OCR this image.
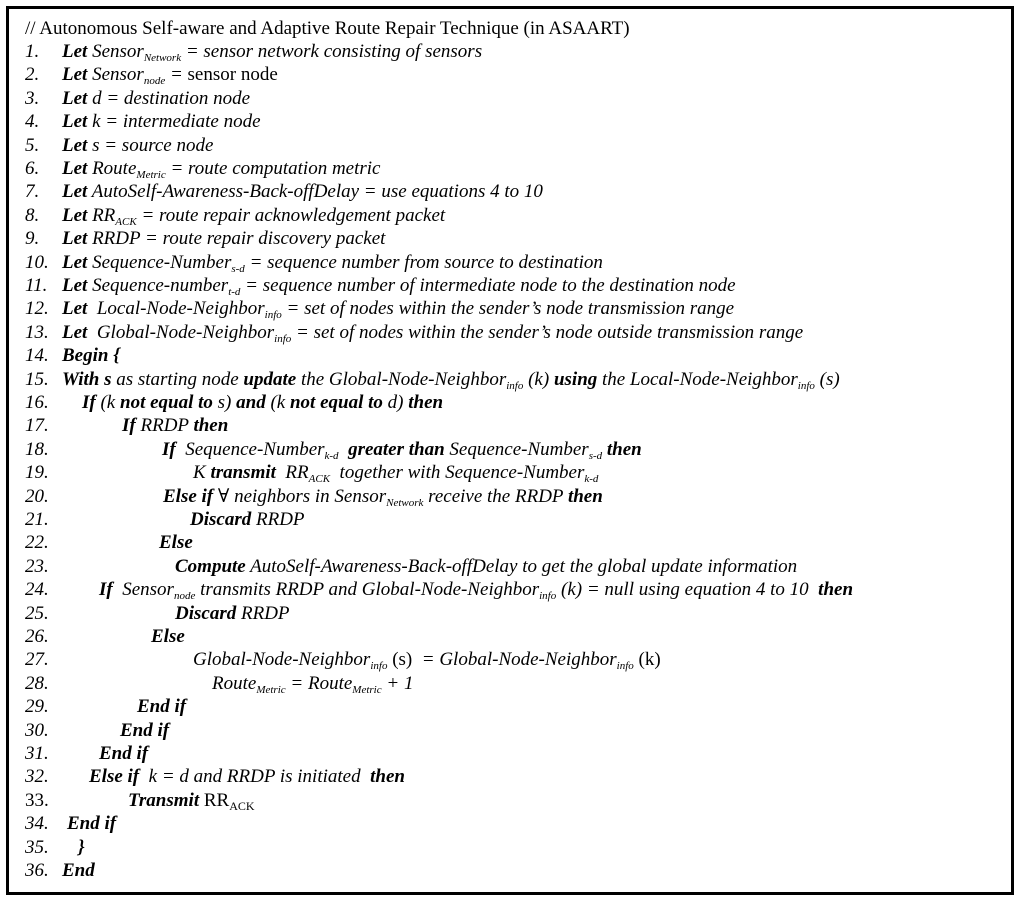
// Autonomous Self-aware and Adaptive Route Repair Technique (in ASAART)
1. Let Sensor$_{Network}$ = sensor network consisting of sensors
2. Let Sensor$_{node}$ = sensor node
3. Let d = destination node
4. Let k = intermediate node
5. Let s = source node
6. Let Route$_{Metric}$ = route computation metric
7. Let AutoSelf-Awareness-Back-offDelay = use equations 4 to 10
8. Let $RR_{ACK}$ = route repair acknowledgement packet
9. Let RRDP = route repair discovery packet
10. Let Sequence-Number$_{s-d}$ = sequence number from source to destination
11. Let Sequence-number$_{t-d}$ = sequence number of intermediate node to the destination node
12. Let  Local-Node-Neighbor$_{info}$ = set of nodes within the sender’s node transmission range
13. Let  Global-Node-Neighbor$_{info}$ = set of nodes within the sender’s node outside transmission range
14. Begin {
15. With s as starting node update the Global-Node-Neighbor$_{info}$ (k) using the Local-Node-Neighbor$_{info}$ (s)
16. If (k not equal to s) and (k not equal to d) then
17.	If RRDP then
18.	If  Sequence-Number$_{k-d}$ greater than Sequence-Number$_{s-d}$ then
19.	K transmit  $RR_{ACK}$  together with Sequence-Number$_{k-d}$
20.	Else if ∀ neighbors in Sensor$_{Network}$ receive the RRDP then
21.	Discard RRDP
22.	Else
23.	Compute AutoSelf-Awareness-Back-offDelay to get the global update information
24.	If  Sensor$_{node}$ transmits RRDP and Global-Node-Neighbor$_{info}$ (k) = null using equation 4 to 10  then
25.	Discard RRDP
26.	Else
27.	Global-Node-Neighbor$_{info}$ (s)  = Global-Node-Neighbor$_{info}$ (k)
28.	Route$_{Metric}$ = Route$_{Metric}$ + 1
29.	End if
30.	End if
31.	End if
32. Else if  k = d and RRDP is initiated  then
33.	Transmit $RR_{ACK}$
34. End if
35. }
36. End
